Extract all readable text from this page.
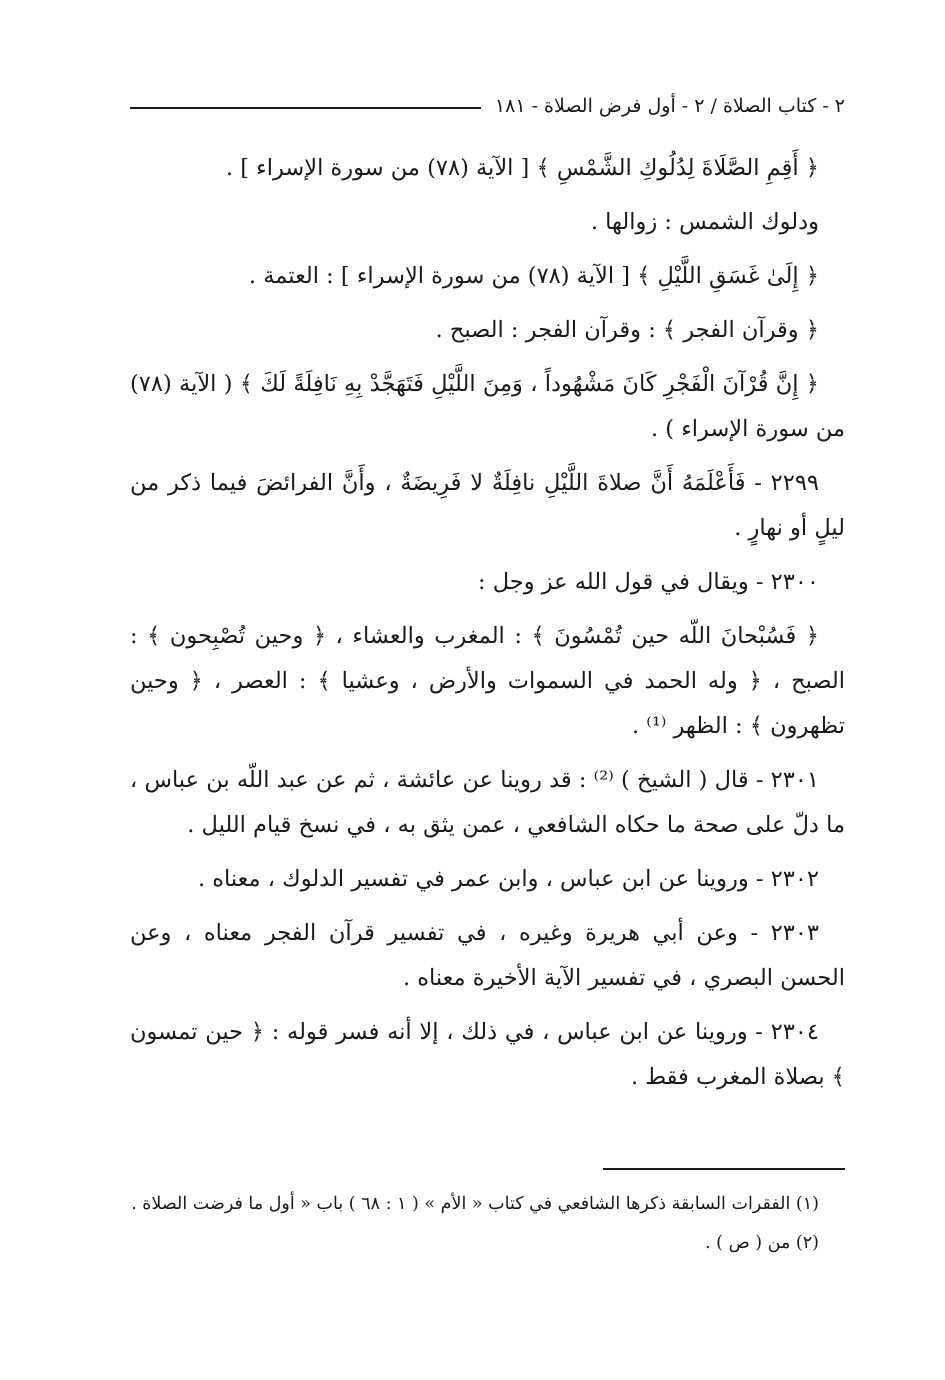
٢ - كتاب الصلاة / ٢ - أول فرض الصلاة - ١٨١

﴿ أَقِمِ الصَّلَاةَ لِدُلُوكِ الشَّمْسِ ﴾ [ الآية (٧٨) من سورة الإسراء ] .

ودلوك الشمس : زوالها .

﴿ إِلَىٰ غَسَقِ اللَّيْلِ ﴾ [ الآية (٧٨) من سورة الإسراء ] : العتمة .

﴿ وقرآن الفجر ﴾ : وقرآن الفجر : الصبح .

﴿ إِنَّ قُرْآنَ الْفَجْرِ كَانَ مَشْهُوداً ، وَمِنَ اللَّيْلِ فَتَهَجَّدْ بِهِ نَافِلَةً لَكَ ﴾ ( الآية (٧٨) من سورة الإسراء ) .

٢٢٩٩ - فَأَعْلَمَهُ أَنَّ صلاةَ اللَّيْلِ نافِلَةٌ لا فَرِيضَةٌ ، وأَنَّ الفرائضَ فيما ذكر من ليلٍ أو نهارٍ .

٢٣٠٠ - ويقال في قول الله عز وجل :

﴿ فَسُبْحانَ اللّه حين تُمْسُونَ ﴾ : المغرب والعشاء ، ﴿ وحين تُصْبِحون ﴾ : الصبح ، ﴿ وله الحمد في السموات والأرض ، وعشيا ﴾ : العصر ، ﴿ وحين تظهرون ﴾ : الظهر ⁽¹⁾ .

٢٣٠١ - قال ( الشيخ ) ⁽²⁾ : قد روينا عن عائشة ، ثم عن عبد اللّه بن عباس ، ما دلّ على صحة ما حكاه الشافعي ، عمن يثق به ، في نسخ قيام الليل .

٢٣٠٢ - وروينا عن ابن عباس ، وابن عمر في تفسير الدلوك ، معناه .

٢٣٠٣ - وعن أبي هريرة وغيره ، في تفسير قرآن الفجر معناه ، وعن الحسن البصري ، في تفسير الآية الأخيرة معناه .

٢٣٠٤ - وروينا عن ابن عباس ، في ذلك ، إلا أنه فسر قوله : ﴿ حين تمسون ﴾ بصلاة المغرب فقط .

(١) الفقرات السابقة ذكرها الشافعي في كتاب « الأم » ( ١ : ٦٨ ) باب « أول ما فرضت الصلاة .

(٢) من ( ص ) .
